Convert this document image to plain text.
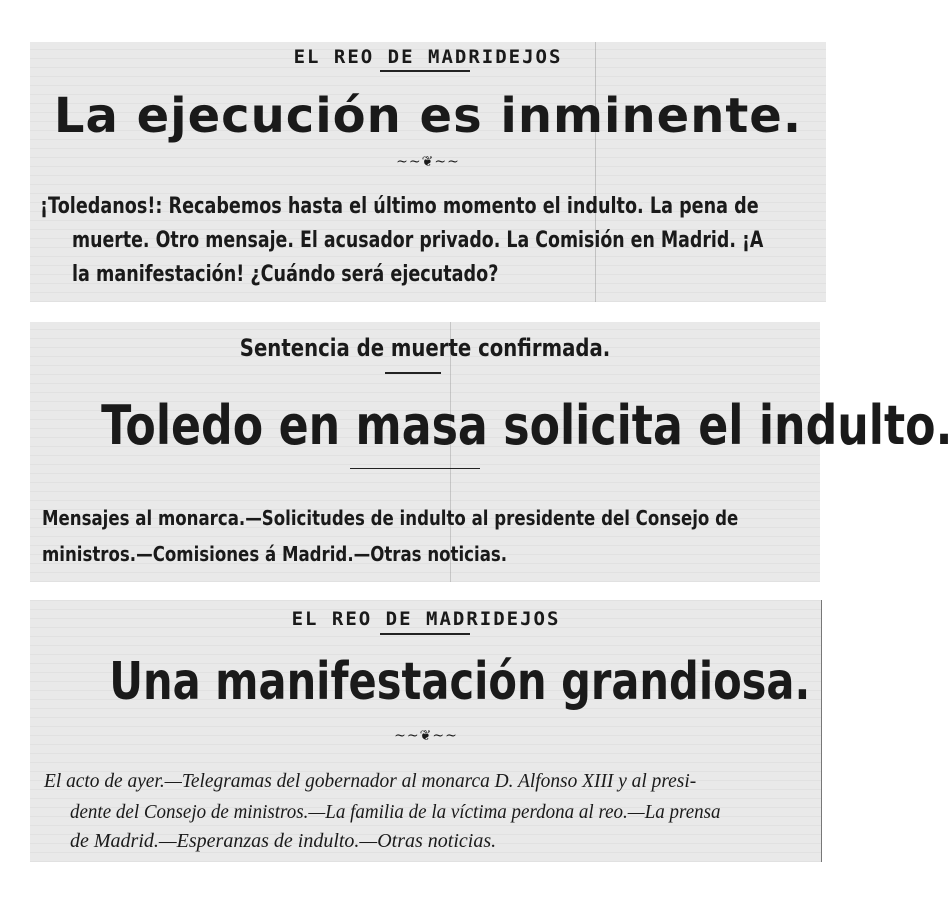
EL REO DE MADRIDEJOS
La ejecución es inminente.
~~❦~~
¡Toledanos!: Recabemos hasta el último momento el indulto. La pena de
muerte. Otro mensaje. El acusador privado. La Comisión en Madrid. ¡A
la manifestación! ¿Cuándo será ejecutado?
Sentencia de muerte confirmada.
Toledo en masa solicita el indulto.
Mensajes al monarca.—Solicitudes de indulto al presidente del Consejo de
ministros.—Comisiones á Madrid.—Otras noticias.
EL REO DE MADRIDEJOS
Una manifestación grandiosa.
~~❦~~
El acto de ayer.—Telegramas del gobernador al monarca D. Alfonso XIII y al presi-
dente del Consejo de ministros.—La familia de la víctima perdona al reo.—La prensa
de Madrid.—Esperanzas de indulto.—Otras noticias.
